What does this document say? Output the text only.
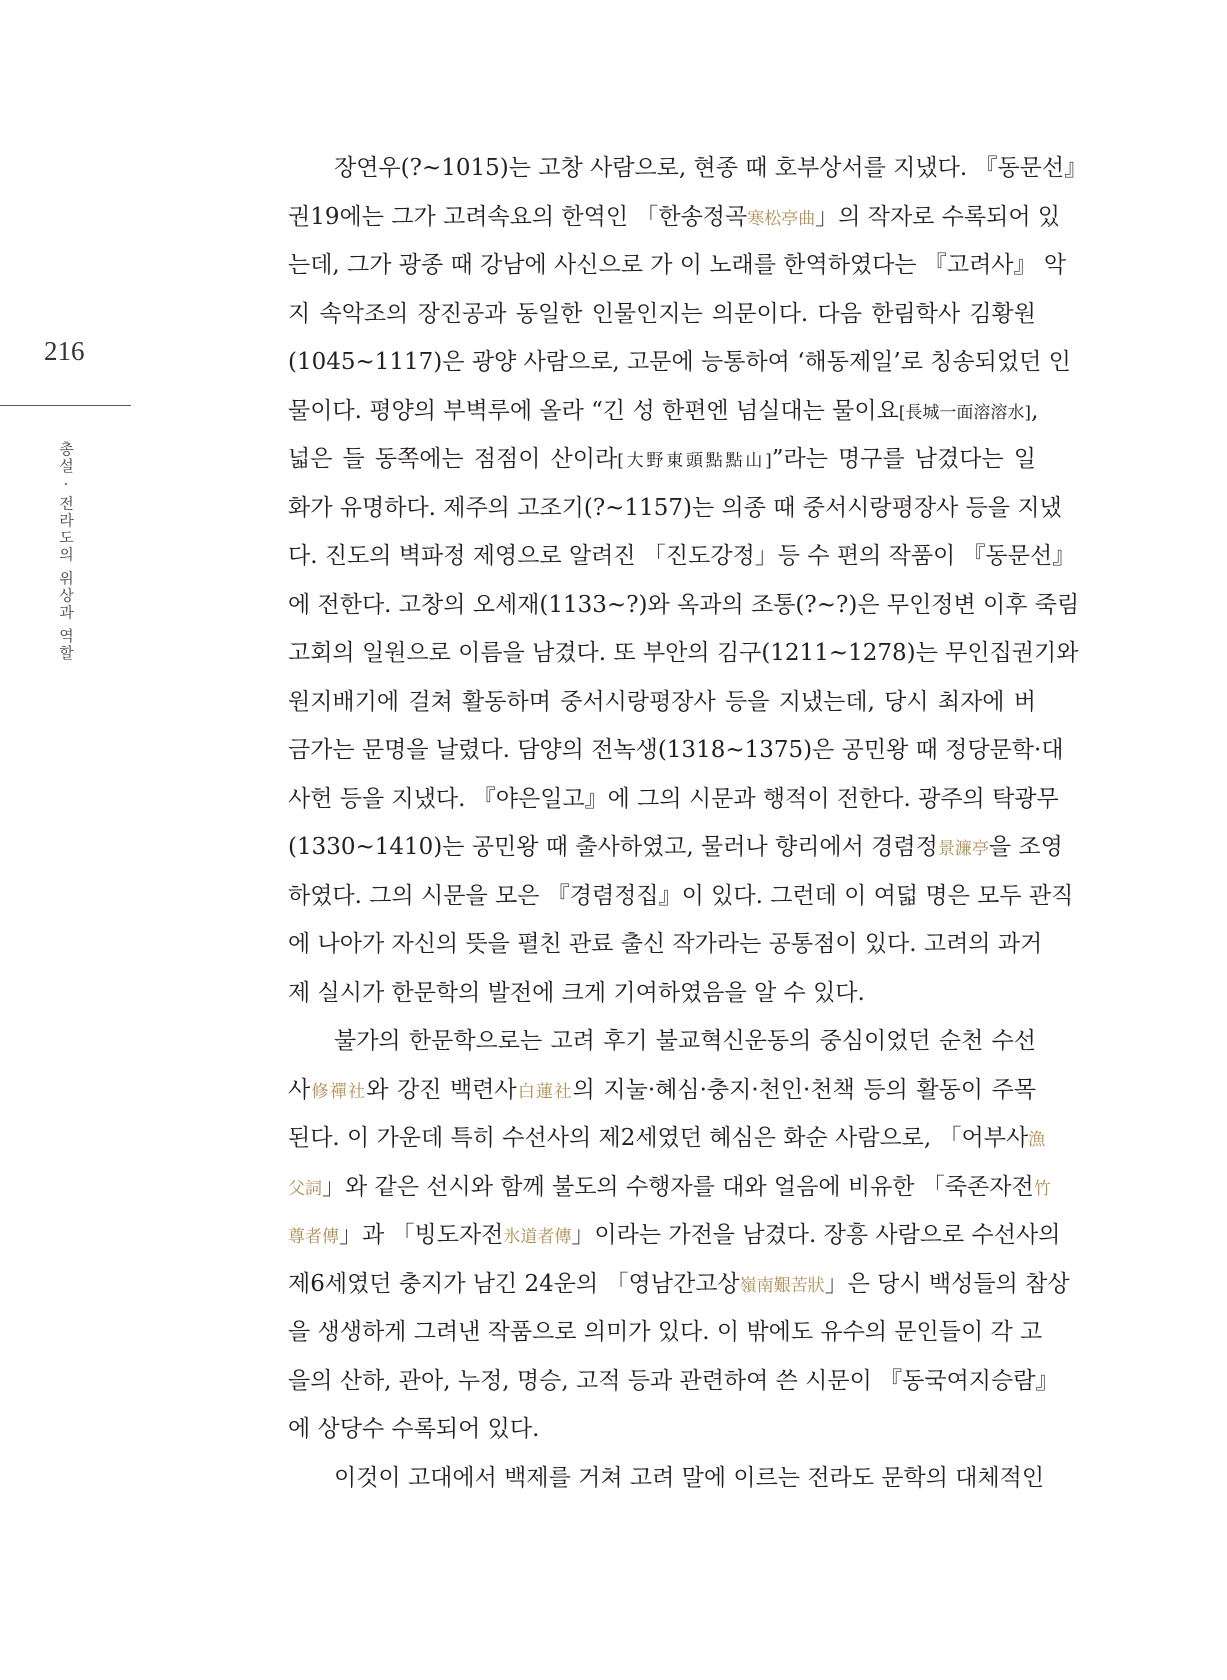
216
총설 · 전라도의 위상과 역할
장연우(?~1015)는 고창 사람으로, 현종 때 호부상서를 지냈다. 『동문선』
권19에는 그가 고려속요의 한역인 「한송정곡寒松亭曲」의 작자로 수록되어 있
는데, 그가 광종 때 강남에 사신으로 가 이 노래를 한역하였다는 『고려사』 악
지 속악조의 장진공과 동일한 인물인지는 의문이다. 다음 한림학사 김황원
(1045~1117)은 광양 사람으로, 고문에 능통하여 ‘해동제일’로 칭송되었던 인
물이다. 평양의 부벽루에 올라 “긴 성 한편엔 넘실대는 물이요[長城一面溶溶水],
넓은 들 동쪽에는 점점이 산이라[大野東頭點點山]”라는 명구를 남겼다는 일
화가 유명하다. 제주의 고조기(?~1157)는 의종 때 중서시랑평장사 등을 지냈
다. 진도의 벽파정 제영으로 알려진 「진도강정」등 수 편의 작품이 『동문선』
에 전한다. 고창의 오세재(1133~?)와 옥과의 조통(?~?)은 무인정변 이후 죽림
고회의 일원으로 이름을 남겼다. 또 부안의 김구(1211~1278)는 무인집권기와
원지배기에 걸쳐 활동하며 중서시랑평장사 등을 지냈는데, 당시 최자에 버
금가는 문명을 날렸다. 담양의 전녹생(1318~1375)은 공민왕 때 정당문학·대
사헌 등을 지냈다. 『야은일고』에 그의 시문과 행적이 전한다. 광주의 탁광무
(1330~1410)는 공민왕 때 출사하였고, 물러나 향리에서 경렴정景濂亭을 조영
하였다. 그의 시문을 모은 『경렴정집』이 있다. 그런데 이 여덟 명은 모두 관직
에 나아가 자신의 뜻을 펼친 관료 출신 작가라는 공통점이 있다. 고려의 과거
제 실시가 한문학의 발전에 크게 기여하였음을 알 수 있다.
불가의 한문학으로는 고려 후기 불교혁신운동의 중심이었던 순천 수선
사修禪社와 강진 백련사白蓮社의 지눌·혜심·충지·천인·천책 등의 활동이 주목
된다. 이 가운데 특히 수선사의 제2세였던 혜심은 화순 사람으로, 「어부사漁
父詞」와 같은 선시와 함께 불도의 수행자를 대와 얼음에 비유한 「죽존자전竹
尊者傳」과 「빙도자전氷道者傳」이라는 가전을 남겼다. 장흥 사람으로 수선사의
제6세였던 충지가 남긴 24운의 「영남간고상嶺南艱苦狀」은 당시 백성들의 참상
을 생생하게 그려낸 작품으로 의미가 있다. 이 밖에도 유수의 문인들이 각 고
을의 산하, 관아, 누정, 명승, 고적 등과 관련하여 쓴 시문이 『동국여지승람』
에 상당수 수록되어 있다.
이것이 고대에서 백제를 거쳐 고려 말에 이르는 전라도 문학의 대체적인
